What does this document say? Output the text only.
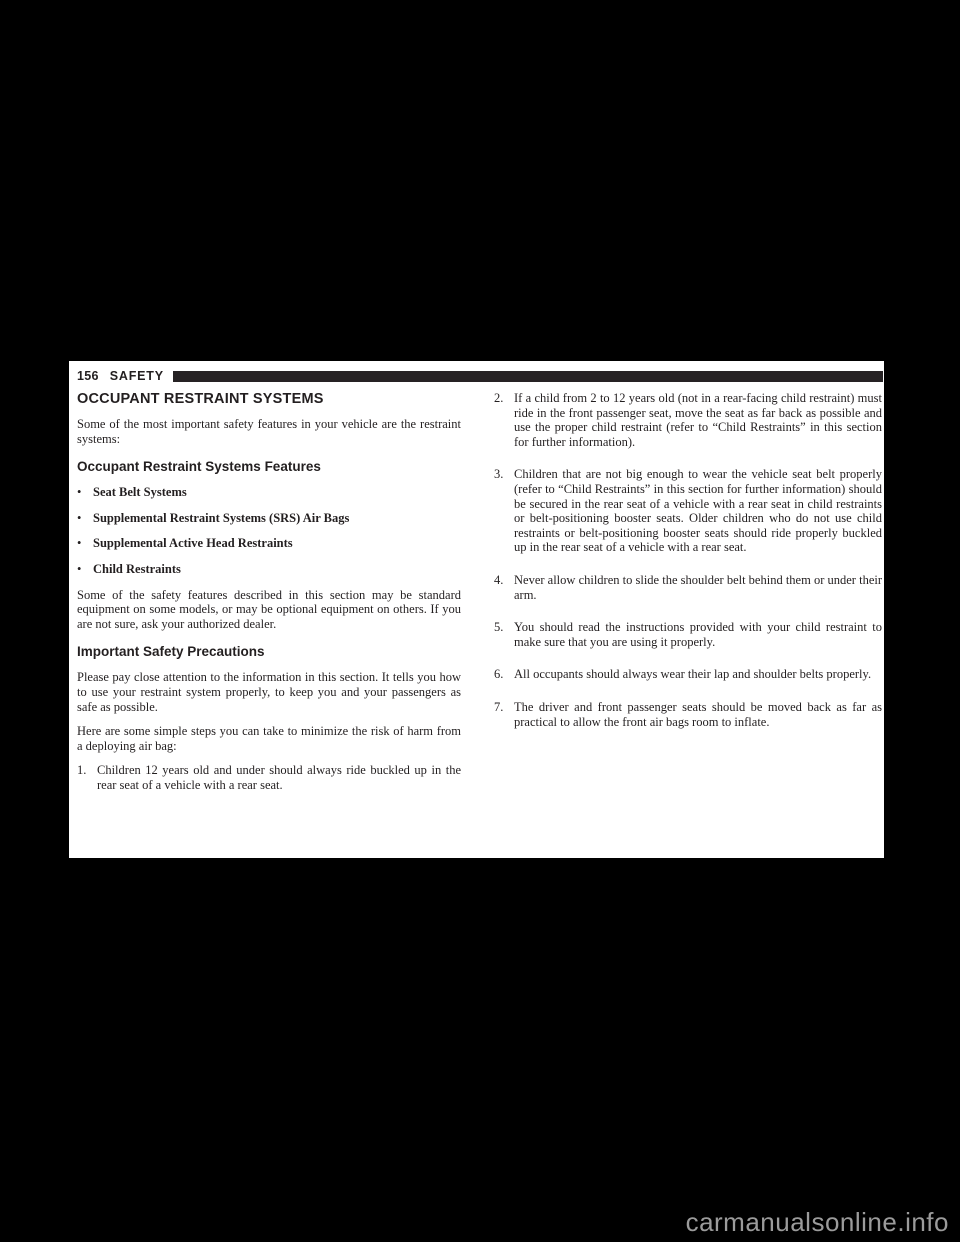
156 SAFETY
OCCUPANT RESTRAINT SYSTEMS

Some of the most important safety features in your vehicle are the restraint systems:

Occupant Restraint Systems Features
• Seat Belt Systems
• Supplemental Restraint Systems (SRS) Air Bags
• Supplemental Active Head Restraints
• Child Restraints

Some of the safety features described in this section may be standard equipment on some models, or may be optional equipment on others. If you are not sure, ask your authorized dealer.

Important Safety Precautions

Please pay close attention to the information in this section. It tells you how to use your restraint system properly, to keep you and your passengers as safe as possible.

Here are some simple steps you can take to minimize the risk of harm from a deploying air bag:

1. Children 12 years old and under should always ride buckled up in the rear seat of a vehicle with a rear seat.
2. If a child from 2 to 12 years old (not in a rear-facing child restraint) must ride in the front passenger seat, move the seat as far back as possible and use the proper child restraint (refer to “Child Restraints” in this section for further information).
3. Children that are not big enough to wear the vehicle seat belt properly (refer to “Child Restraints” in this section for further information) should be secured in the rear seat of a vehicle with a rear seat in child restraints or belt-positioning booster seats. Older children who do not use child restraints or belt-positioning booster seats should ride properly buckled up in the rear seat of a vehicle with a rear seat.
4. Never allow children to slide the shoulder belt behind them or under their arm.
5. You should read the instructions provided with your child restraint to make sure that you are using it properly.
6. All occupants should always wear their lap and shoulder belts properly.
7. The driver and front passenger seats should be moved back as far as practical to allow the front air bags room to inflate.
carmanualsonline.info
